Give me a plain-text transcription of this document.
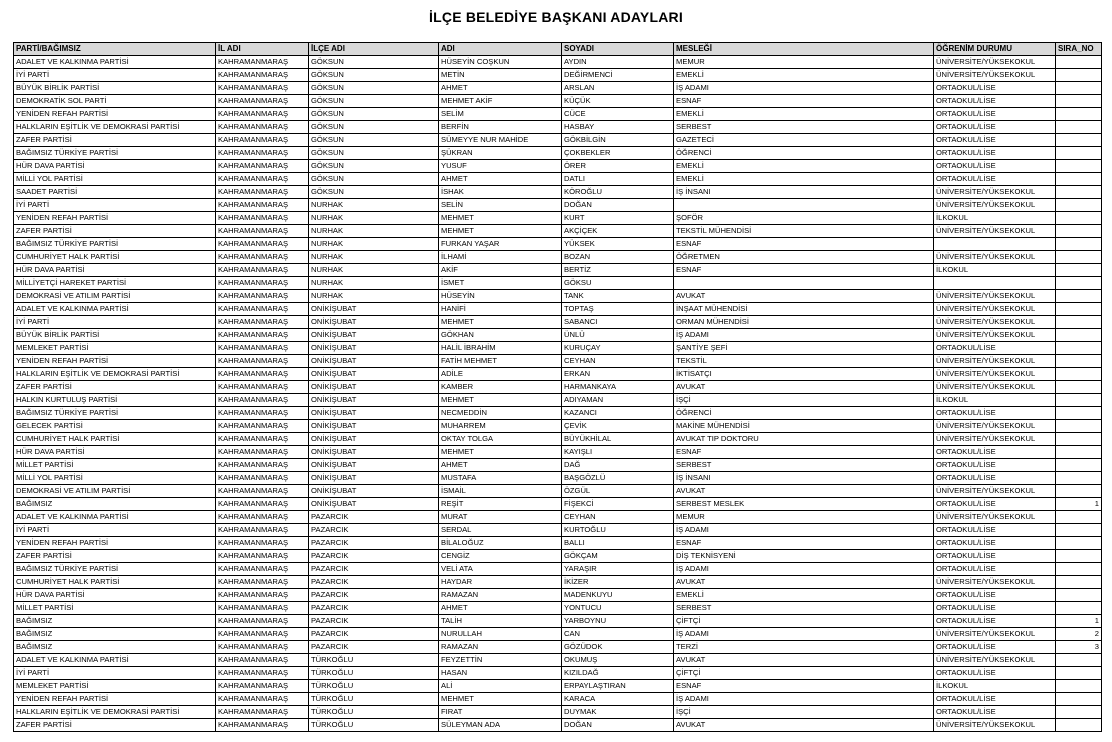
İLÇE BELEDİYE BAŞKANI ADAYLARI
PARTİ/BAĞIMSIZ	İL ADI	İLÇE ADI	ADI	SOYADI	MESLEĞİ	ÖĞRENİM DURUMU	SIRA_NO
ADALET VE KALKINMA PARTİSİ	KAHRAMANMARAŞ	GÖKSUN	HÜSEYİN COŞKUN	AYDIN	MEMUR	ÜNİVERSİTE/YÜKSEKOKUL	
İYİ PARTİ	KAHRAMANMARAŞ	GÖKSUN	METİN	DEĞİRMENCİ	EMEKLİ	ÜNİVERSİTE/YÜKSEKOKUL	
BÜYÜK BİRLİK PARTİSİ	KAHRAMANMARAŞ	GÖKSUN	AHMET	ARSLAN	İŞ ADAMI	ORTAOKUL/LİSE	
DEMOKRATİK SOL PARTİ	KAHRAMANMARAŞ	GÖKSUN	MEHMET AKİF	KÜÇÜK	ESNAF	ORTAOKUL/LİSE	
YENİDEN REFAH PARTİSİ	KAHRAMANMARAŞ	GÖKSUN	SELİM	CÜCE	EMEKLİ	ORTAOKUL/LİSE	
HALKLARIN EŞİTLİK VE DEMOKRASİ PARTİSİ	KAHRAMANMARAŞ	GÖKSUN	BERFİN	HASBAY	SERBEST	ORTAOKUL/LİSE	
ZAFER PARTİSİ	KAHRAMANMARAŞ	GÖKSUN	SÜMEYYE NUR MAHİDE	GÖKBİLGİN	GAZETECİ	ORTAOKUL/LİSE	
BAĞIMSIZ TÜRKİYE PARTİSİ	KAHRAMANMARAŞ	GÖKSUN	ŞÜKRAN	ÇOKBEKLER	ÖĞRENCİ	ORTAOKUL/LİSE	
HÜR DAVA PARTİSİ	KAHRAMANMARAŞ	GÖKSUN	YUSUF	ÖRER	EMEKLİ	ORTAOKUL/LİSE	
MİLLİ YOL PARTİSİ	KAHRAMANMARAŞ	GÖKSUN	AHMET	DATLI	EMEKLİ	ORTAOKUL/LİSE	
SAADET PARTİSİ	KAHRAMANMARAŞ	GÖKSUN	İSHAK	KÖROĞLU	İŞ İNSANI	ÜNİVERSİTE/YÜKSEKOKUL	
İYİ PARTİ	KAHRAMANMARAŞ	NURHAK	SELİN	DOĞAN		ÜNİVERSİTE/YÜKSEKOKUL	
YENİDEN REFAH PARTİSİ	KAHRAMANMARAŞ	NURHAK	MEHMET	KURT	ŞOFÖR	İLKOKUL	
ZAFER PARTİSİ	KAHRAMANMARAŞ	NURHAK	MEHMET	AKÇİÇEK	TEKSTİL MÜHENDİSİ	ÜNİVERSİTE/YÜKSEKOKUL	
BAĞIMSIZ TÜRKİYE PARTİSİ	KAHRAMANMARAŞ	NURHAK	FURKAN YAŞAR	YÜKSEK	ESNAF		
CUMHURİYET HALK PARTİSİ	KAHRAMANMARAŞ	NURHAK	İLHAMİ	BOZAN	ÖĞRETMEN	ÜNİVERSİTE/YÜKSEKOKUL	
HÜR DAVA PARTİSİ	KAHRAMANMARAŞ	NURHAK	AKİF	BERTİZ	ESNAF	İLKOKUL	
MİLLİYETÇİ HAREKET PARTİSİ	KAHRAMANMARAŞ	NURHAK	İSMET	GÖKSU			
DEMOKRASİ VE ATILIM PARTİSİ	KAHRAMANMARAŞ	NURHAK	HÜSEYİN	TANK	AVUKAT	ÜNİVERSİTE/YÜKSEKOKUL	
ADALET VE KALKINMA PARTİSİ	KAHRAMANMARAŞ	ONİKİŞUBAT	HANİFİ	TOPTAŞ	İNŞAAT MÜHENDİSİ	ÜNİVERSİTE/YÜKSEKOKUL	
İYİ PARTİ	KAHRAMANMARAŞ	ONİKİŞUBAT	MEHMET	SABANCI	ORMAN MÜHENDİSİ	ÜNİVERSİTE/YÜKSEKOKUL	
BÜYÜK BİRLİK PARTİSİ	KAHRAMANMARAŞ	ONİKİŞUBAT	GÖKHAN	ÜNLÜ	İŞ ADAMI	ÜNİVERSİTE/YÜKSEKOKUL	
MEMLEKET PARTİSİ	KAHRAMANMARAŞ	ONİKİŞUBAT	HALİL İBRAHİM	KURUÇAY	ŞANTİYE ŞEFİ	ORTAOKUL/LİSE	
YENİDEN REFAH PARTİSİ	KAHRAMANMARAŞ	ONİKİŞUBAT	FATİH MEHMET	CEYHAN	TEKSTİL	ÜNİVERSİTE/YÜKSEKOKUL	
HALKLARIN EŞİTLİK VE DEMOKRASİ PARTİSİ	KAHRAMANMARAŞ	ONİKİŞUBAT	ADİLE	ERKAN	İKTİSATÇI	ÜNİVERSİTE/YÜKSEKOKUL	
ZAFER PARTİSİ	KAHRAMANMARAŞ	ONİKİŞUBAT	KAMBER	HARMANKAYA	AVUKAT	ÜNİVERSİTE/YÜKSEKOKUL	
HALKIN KURTULUŞ PARTİSİ	KAHRAMANMARAŞ	ONİKİŞUBAT	MEHMET	ADIYAMAN	İŞÇİ	İLKOKUL	
BAĞIMSIZ TÜRKİYE PARTİSİ	KAHRAMANMARAŞ	ONİKİŞUBAT	NECMEDDİN	KAZANCI	ÖĞRENCİ	ORTAOKUL/LİSE	
GELECEK PARTİSİ	KAHRAMANMARAŞ	ONİKİŞUBAT	MUHARREM	ÇEVİK	MAKİNE MÜHENDİSİ	ÜNİVERSİTE/YÜKSEKOKUL	
CUMHURİYET HALK PARTİSİ	KAHRAMANMARAŞ	ONİKİŞUBAT	OKTAY TOLGA	BÜYÜKHİLAL	AVUKAT TIP DOKTORU	ÜNİVERSİTE/YÜKSEKOKUL	
HÜR DAVA PARTİSİ	KAHRAMANMARAŞ	ONİKİŞUBAT	MEHMET	KAYIŞLI	ESNAF	ORTAOKUL/LİSE	
MİLLET PARTİSİ	KAHRAMANMARAŞ	ONİKİŞUBAT	AHMET	DAĞ	SERBEST	ORTAOKUL/LİSE	
MİLLİ YOL PARTİSİ	KAHRAMANMARAŞ	ONİKİŞUBAT	MUSTAFA	BAŞGÖZLÜ	İŞ İNSANI	ORTAOKUL/LİSE	
DEMOKRASİ VE ATILIM PARTİSİ	KAHRAMANMARAŞ	ONİKİŞUBAT	İSMAİL	ÖZGÜL	AVUKAT	ÜNİVERSİTE/YÜKSEKOKUL	
BAĞIMSIZ	KAHRAMANMARAŞ	ONİKİŞUBAT	REŞİT	FİŞEKCİ	SERBEST MESLEK	ORTAOKUL/LİSE	1
ADALET VE KALKINMA PARTİSİ	KAHRAMANMARAŞ	PAZARCIK	MURAT	CEYHAN	MEMUR	ÜNİVERSİTE/YÜKSEKOKUL	
İYİ PARTİ	KAHRAMANMARAŞ	PAZARCIK	SERDAL	KURTOĞLU	İŞ ADAMI	ORTAOKUL/LİSE	
YENİDEN REFAH PARTİSİ	KAHRAMANMARAŞ	PAZARCIK	BİLALOĞUZ	BALLI	ESNAF	ORTAOKUL/LİSE	
ZAFER PARTİSİ	KAHRAMANMARAŞ	PAZARCIK	CENGİZ	GÖKÇAM	DİŞ TEKNİSYENİ	ORTAOKUL/LİSE	
BAĞIMSIZ TÜRKİYE PARTİSİ	KAHRAMANMARAŞ	PAZARCIK	VELİ ATA	YARAŞIR	İŞ ADAMI	ORTAOKUL/LİSE	
CUMHURİYET HALK PARTİSİ	KAHRAMANMARAŞ	PAZARCIK	HAYDAR	İKİZER	AVUKAT	ÜNİVERSİTE/YÜKSEKOKUL	
HÜR DAVA PARTİSİ	KAHRAMANMARAŞ	PAZARCIK	RAMAZAN	MADENKUYU	EMEKLİ	ORTAOKUL/LİSE	
MİLLET PARTİSİ	KAHRAMANMARAŞ	PAZARCIK	AHMET	YONTUCU	SERBEST	ORTAOKUL/LİSE	
BAĞIMSIZ	KAHRAMANMARAŞ	PAZARCIK	TALİH	YARBOYNU	ÇİFTÇİ	ORTAOKUL/LİSE	1
BAĞIMSIZ	KAHRAMANMARAŞ	PAZARCIK	NURULLAH	CAN	İŞ ADAMI	ÜNİVERSİTE/YÜKSEKOKUL	2
BAĞIMSIZ	KAHRAMANMARAŞ	PAZARCIK	RAMAZAN	GÖZÜDOK	TERZİ	ORTAOKUL/LİSE	3
ADALET VE KALKINMA PARTİSİ	KAHRAMANMARAŞ	TÜRKOĞLU	FEYZETTİN	OKUMUŞ	AVUKAT	ÜNİVERSİTE/YÜKSEKOKUL	
İYİ PARTİ	KAHRAMANMARAŞ	TÜRKOĞLU	HASAN	KIZILDAĞ	ÇİFTÇİ	ORTAOKUL/LİSE	
MEMLEKET PARTİSİ	KAHRAMANMARAŞ	TÜRKOĞLU	ALİ	ERPAYLAŞTIRAN	ESNAF	İLKOKUL	
YENİDEN REFAH PARTİSİ	KAHRAMANMARAŞ	TÜRKOĞLU	MEHMET	KARACA	İŞ ADAMI	ORTAOKUL/LİSE	
HALKLARIN EŞİTLİK VE DEMOKRASİ PARTİSİ	KAHRAMANMARAŞ	TÜRKOĞLU	FIRAT	DUYMAK	İŞÇİ	ORTAOKUL/LİSE	
ZAFER PARTİSİ	KAHRAMANMARAŞ	TÜRKOĞLU	SÜLEYMAN ADA	DOĞAN	AVUKAT	ÜNİVERSİTE/YÜKSEKOKUL	
